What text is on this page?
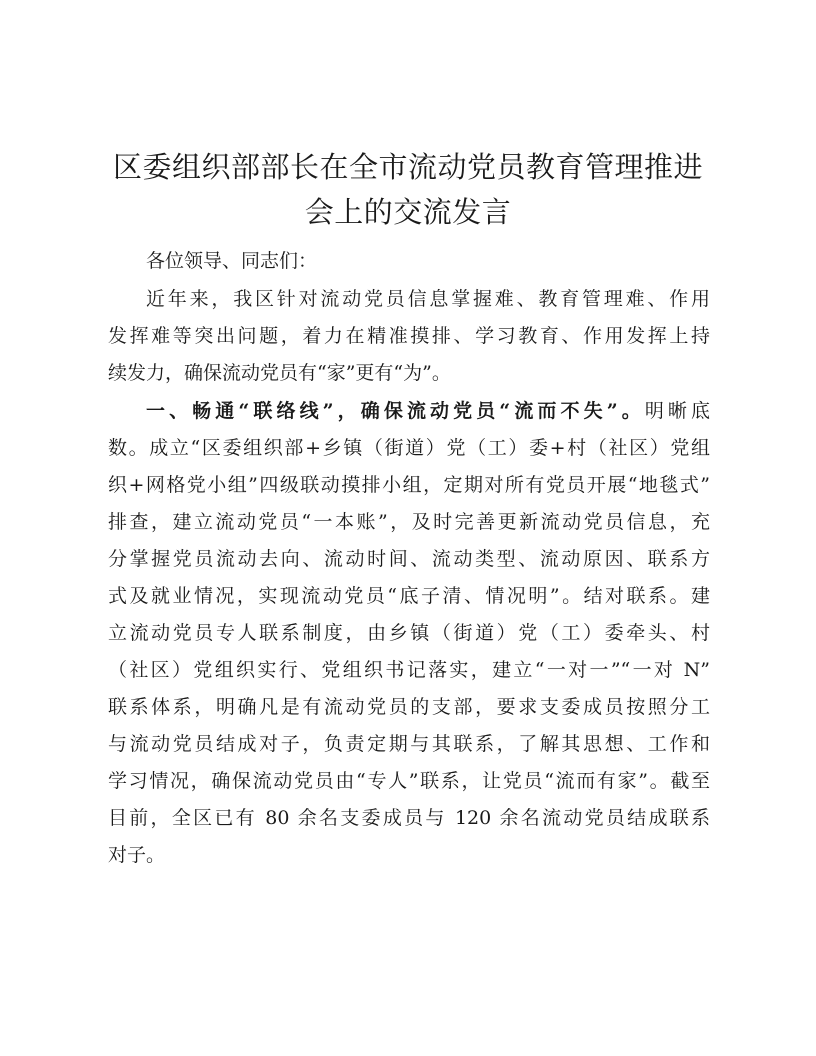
区委组织部部长在全市流动党员教育管理推进
会上的交流发言

各位领导、同志们：

近年来，我区针对流动党员信息掌握难、教育管理难、作用

发挥难等突出问题，着力在精准摸排、学习教育、作用发挥上持

续发力，确保流动党员有“家”更有“为”。

一、畅通“联络线”，确保流动党员“流而不失”。明晰底

数。成立“区委组织部+乡镇（街道）党（工）委+村（社区）党组

织+网格党小组”四级联动摸排小组，定期对所有党员开展“地毯式”

排查，建立流动党员“一本账”，及时完善更新流动党员信息，充

分掌握党员流动去向、流动时间、流动类型、流动原因、联系方

式及就业情况，实现流动党员“底子清、情况明”。结对联系。建

立流动党员专人联系制度，由乡镇（街道）党（工）委牵头、村

（社区）党组织实行、党组织书记落实，建立“一对一”“一对 N”

联系体系，明确凡是有流动党员的支部，要求支委成员按照分工

与流动党员结成对子，负责定期与其联系，了解其思想、工作和

学习情况，确保流动党员由“专人”联系，让党员“流而有家”。截至

目前，全区已有 80 余名支委成员与 120 余名流动党员结成联系

对子。
